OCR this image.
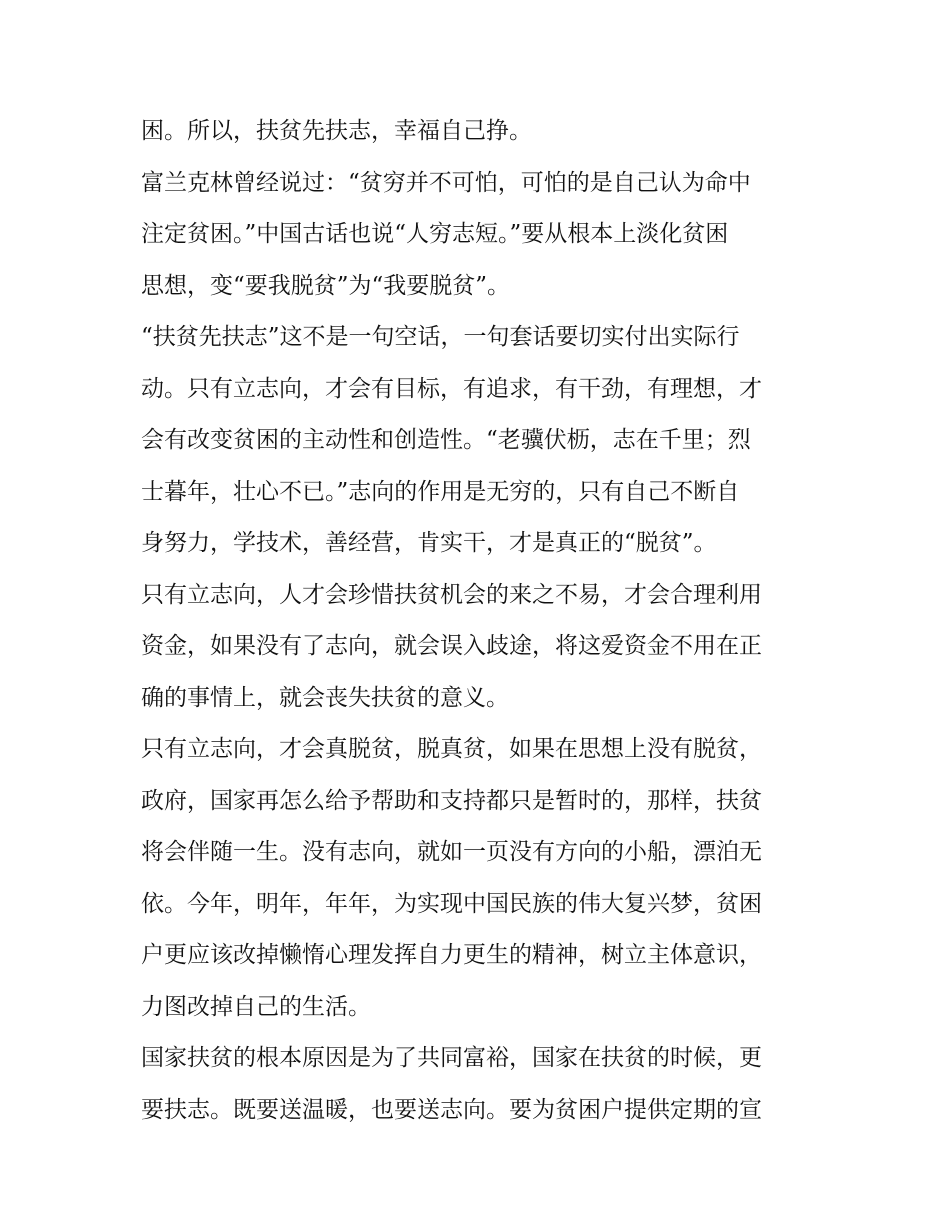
困。所以，扶贫先扶志，幸福自己挣。

富兰克林曾经说过：“贫穷并不可怕，可怕的是自己认为命中

注定贫困。”中国古话也说“人穷志短。”要从根本上淡化贫困

思想，变“要我脱贫”为“我要脱贫”。

“扶贫先扶志”这不是一句空话，一句套话要切实付出实际行

动。只有立志向，才会有目标，有追求，有干劲，有理想，才

会有改变贫困的主动性和创造性。“老骥伏枥，志在千里；烈

士暮年，壮心不已。”志向的作用是无穷的，只有自己不断自

身努力，学技术，善经营，肯实干，才是真正的“脱贫”。

只有立志向，人才会珍惜扶贫机会的来之不易，才会合理利用

资金，如果没有了志向，就会误入歧途，将这爱资金不用在正

确的事情上，就会丧失扶贫的意义。

只有立志向，才会真脱贫，脱真贫，如果在思想上没有脱贫，

政府，国家再怎么给予帮助和支持都只是暂时的，那样，扶贫

将会伴随一生。没有志向，就如一页没有方向的小船，漂泊无

依。今年，明年，年年，为实现中国民族的伟大复兴梦，贫困

户更应该改掉懒惰心理发挥自力更生的精神，树立主体意识，

力图改掉自己的生活。

国家扶贫的根本原因是为了共同富裕，国家在扶贫的时候，更

要扶志。既要送温暖，也要送志向。要为贫困户提供定期的宣
